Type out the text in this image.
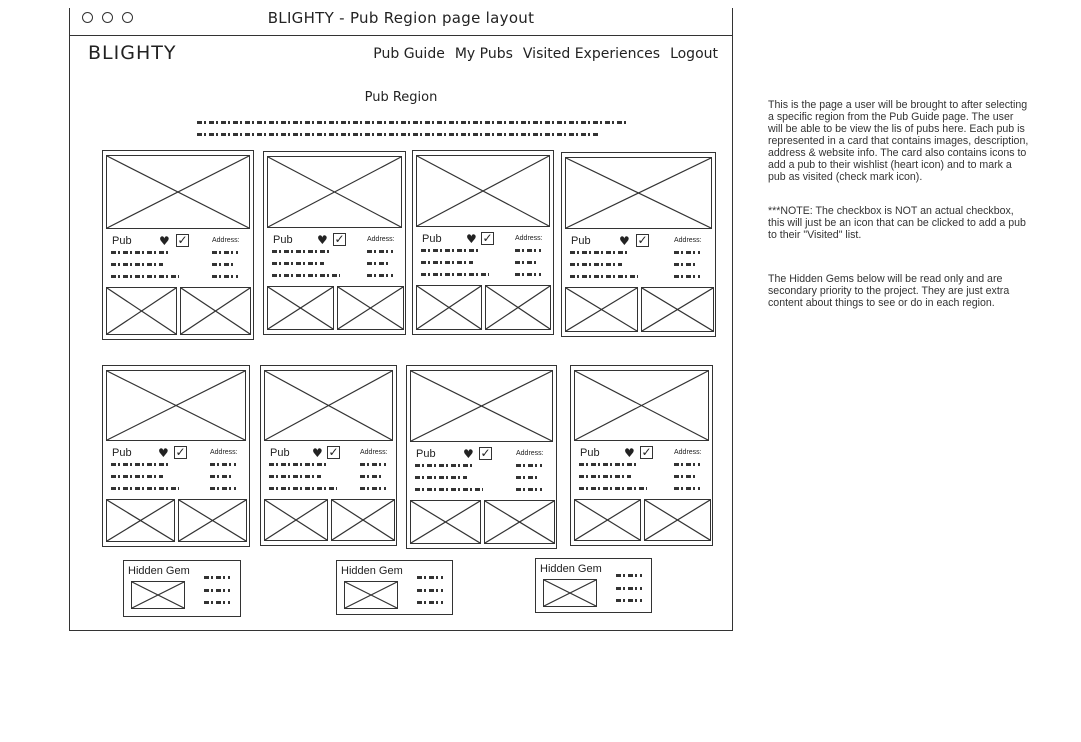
BLIGHTY - Pub Region page layout
BLIGHTY	Pub Guide My Pubs Visited Experiences Logout
Pub Region
Pub ♥ ✓	Address:	Pub ♥ ✓	Address: Pub ♥ ✓	Address:	Pub ♥ ✓	Address:
Pub ♥ ✓	Address:	Pub ♥ ✓	Address:	Pub ♥ ✓	Address:	Pub ♥ ✓	Address:
Hidden Gem	Hidden Gem	Hidden Gem

This is the page a user will be brought to after selecting a specific region from the Pub Guide page. The user will be able to be view the lis of pubs here. Each pub is represented in a card that contains images, description, address & website info. The card also contains icons to add a pub to their wishlist (heart icon) and to mark a pub as visited (check mark icon).

***NOTE: The checkbox is NOT an actual checkbox, this will just be an icon that can be clicked to add a pub to their "Visited" list.

The Hidden Gems below will be read only and are secondary priority to the project. They are just extra content about things to see or do in each region.
